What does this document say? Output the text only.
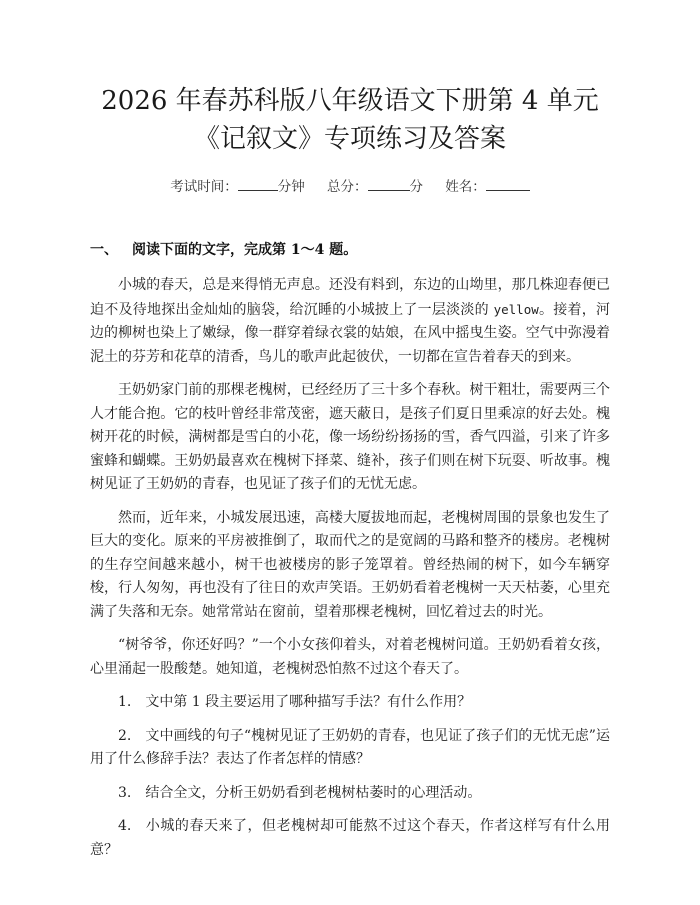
2026 年春苏科版八年级语文下册第 4 单元
《记叙文》专项练习及答案
考试时间：	分钟 总分：	分 姓名：
一、 阅读下面的文字，完成第 1～4 题。

小城的春天，总是来得悄无声息。还没有料到，东边的山坳里，那几株迎春便已迫不及待地探出金灿灿的脑袋，给沉睡的小城披上了一层淡淡的 yellow。接着，河边的柳树也染上了嫩绿，像一群穿着绿衣裳的姑娘，在风中摇曳生姿。空气中弥漫着泥土的芬芳和花草的清香，鸟儿的歌声此起彼伏，一切都在宣告着春天的到来。

王奶奶家门前的那棵老槐树，已经经历了三十多个春秋。树干粗壮，需要两三个人才能合抱。它的枝叶曾经非常茂密，遮天蔽日，是孩子们夏日里乘凉的好去处。槐树开花的时候，满树都是雪白的小花，像一场纷纷扬扬的雪，香气四溢，引来了许多蜜蜂和蝴蝶。王奶奶最喜欢在槐树下择菜、缝补，孩子们则在树下玩耍、听故事。槐树见证了王奶奶的青春，也见证了孩子们的无忧无虑。

然而，近年来，小城发展迅速，高楼大厦拔地而起，老槐树周围的景象也发生了巨大的变化。原来的平房被推倒了，取而代之的是宽阔的马路和整齐的楼房。老槐树的生存空间越来越小，树干也被楼房的影子笼罩着。曾经热闹的树下，如今车辆穿梭，行人匆匆，再也没有了往日的欢声笑语。王奶奶看着老槐树一天天枯萎，心里充满了失落和无奈。她常常站在窗前，望着那棵老槐树，回忆着过去的时光。

“树爷爷，你还好吗？”一个小女孩仰着头，对着老槐树问道。王奶奶看着女孩，心里涌起一股酸楚。她知道，老槐树恐怕熬不过这个春天了。

1. 文中第 1 段主要运用了哪种描写手法？有什么作用？

2. 文中画线的句子“槐树见证了王奶奶的青春，也见证了孩子们的无忧无虑”运用了什么修辞手法？表达了作者怎样的情感？

3. 结合全文，分析王奶奶看到老槐树枯萎时的心理活动。

4. 小城的春天来了，但老槐树却可能熬不过这个春天，作者这样写有什么用意？
